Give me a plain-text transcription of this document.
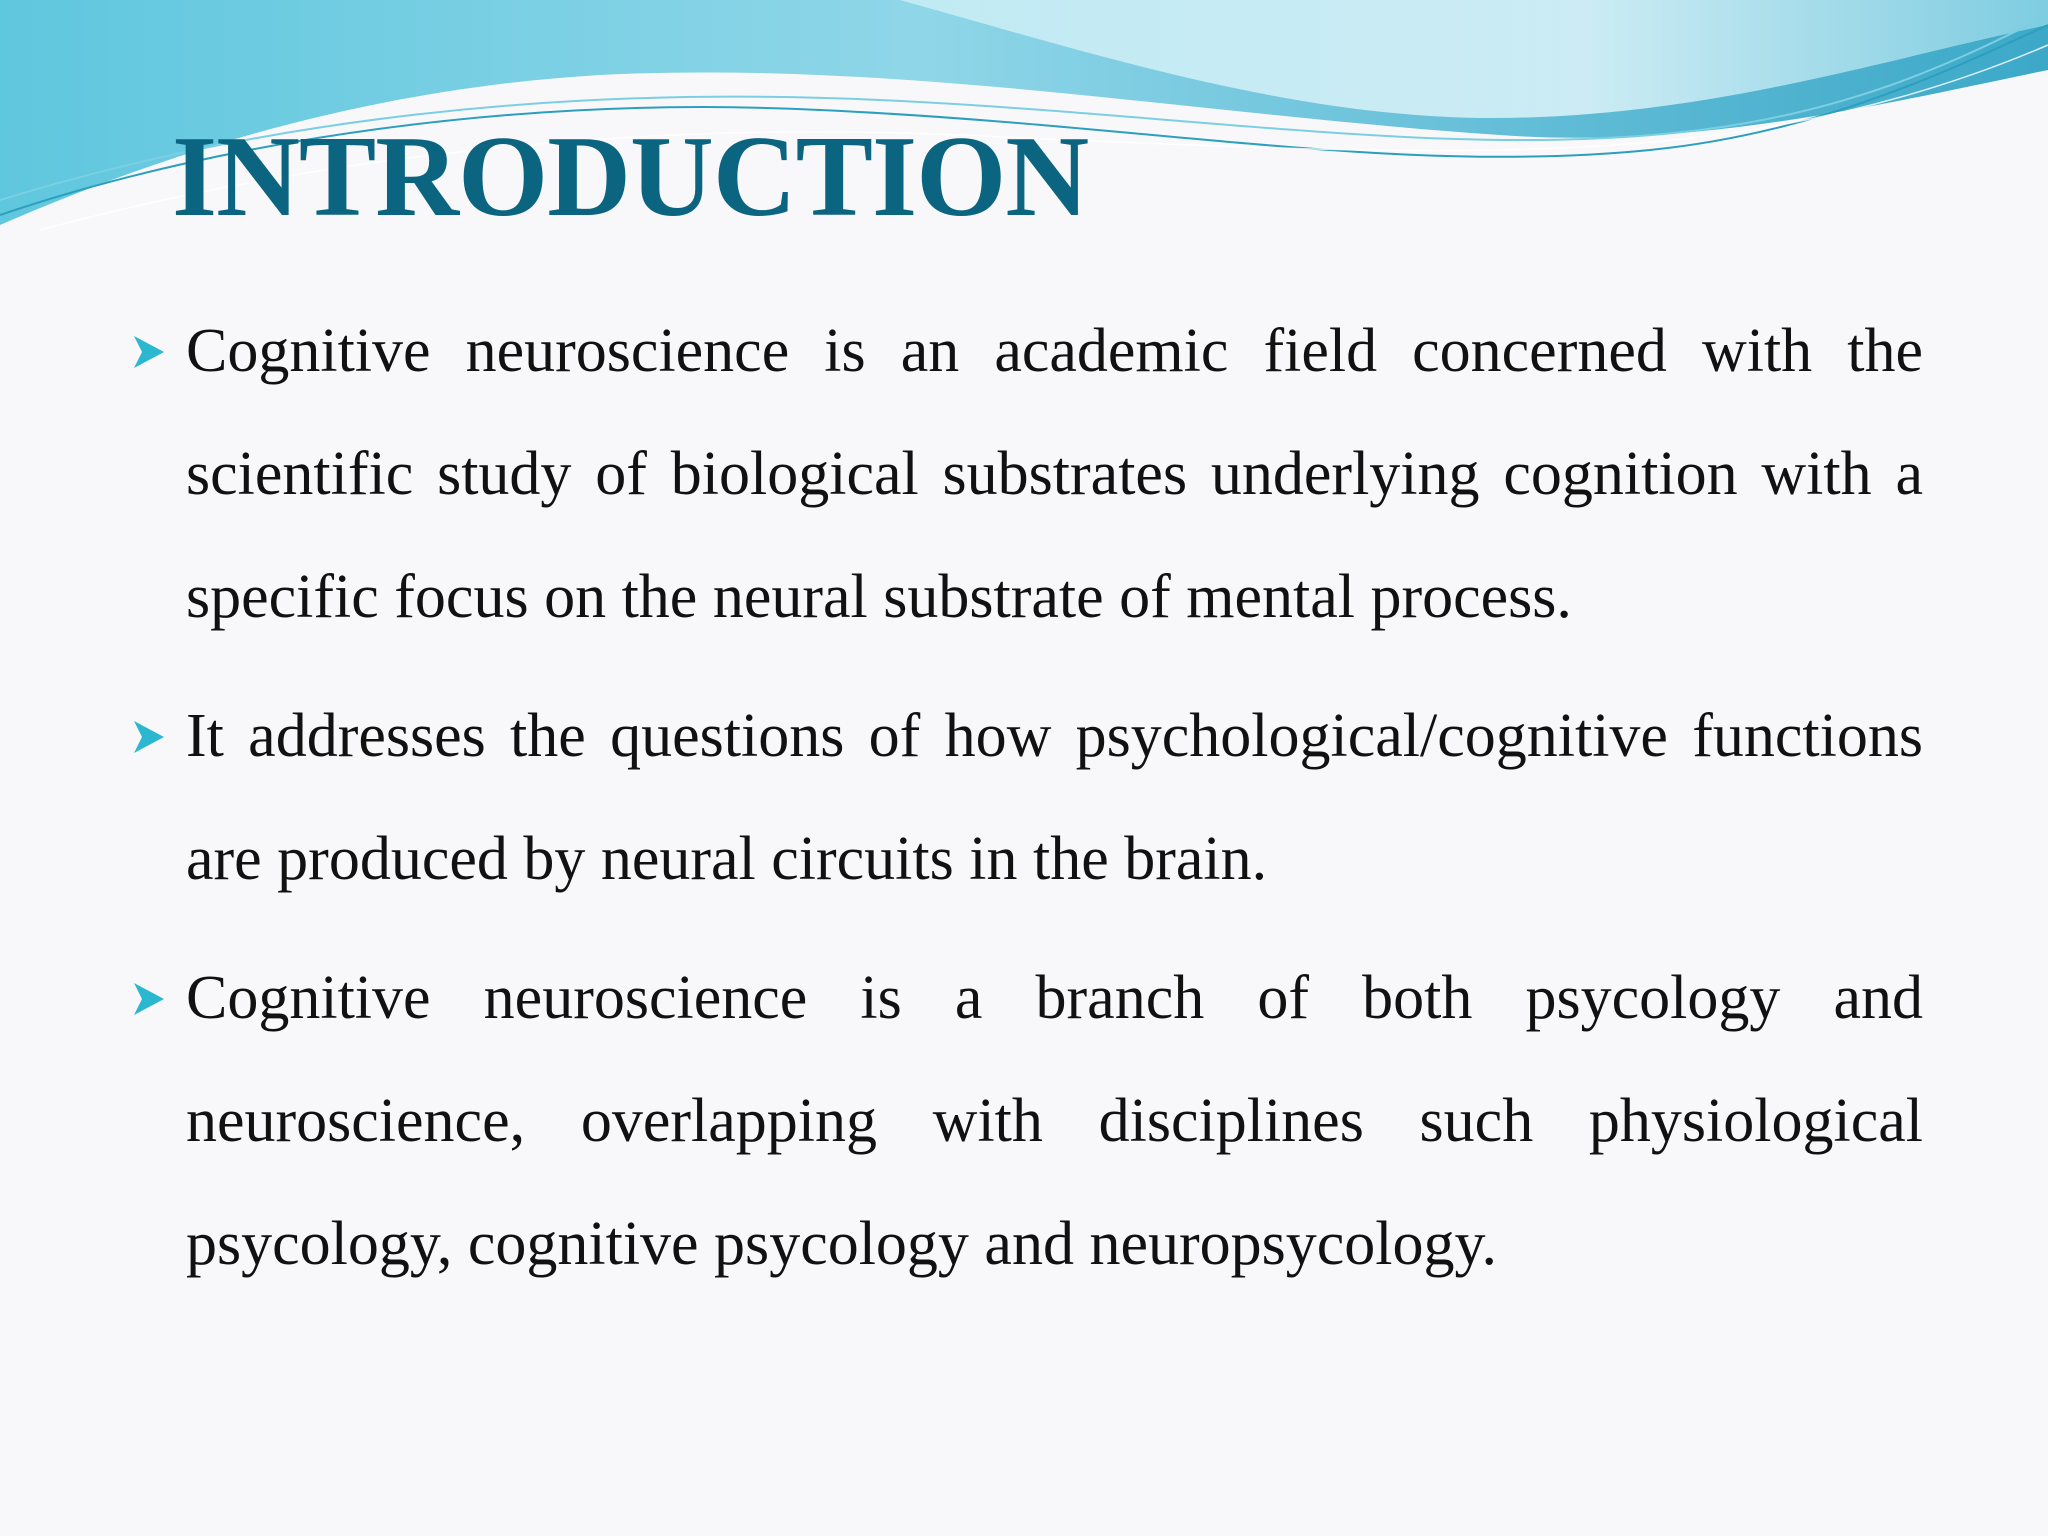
INTRODUCTION
Cognitive neuroscience is an academic field concerned with the scientific study of biological substrates underlying cognition with a specific focus on the neural substrate of mental process.
It addresses the questions of how psychological/cognitive functions are produced by neural circuits in the brain.
Cognitive neuroscience is a branch of both psycology and neuroscience, overlapping with disciplines such physiological psycology, cognitive psycology and neuropsycology.
